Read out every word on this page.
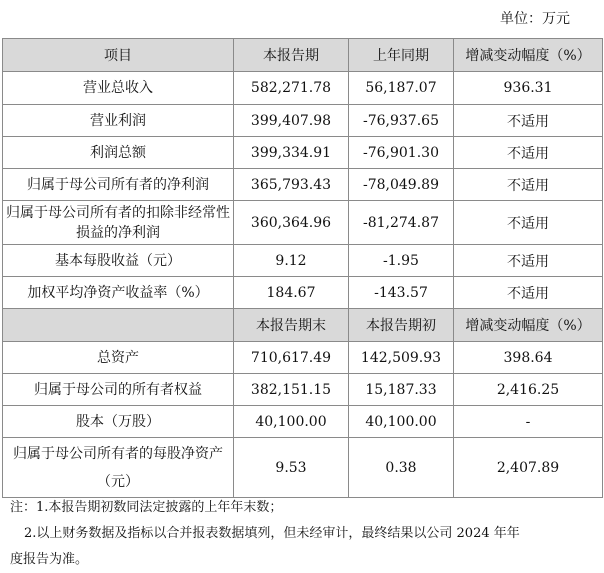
单位：万元
项目	本报告期	上年同期	增减变动幅度（%）
营业总收入	582,271.78	56,187.07	936.31
营业利润	399,407.98	-76,937.65	不适用
利润总额	399,334.91	-76,901.30	不适用
归属于母公司所有者的净利润	365,793.43	-78,049.89	不适用
归属于母公司所有者的扣除非经常性损益的净利润	360,364.96	-81,274.87	不适用
基本每股收益（元）	9.12	-1.95	不适用
加权平均净资产收益率（%）	184.67	-143.57	不适用
	本报告期末	本报告期初	增减变动幅度（%）
总资产	710,617.49	142,509.93	398.64
归属于母公司的所有者权益	382,151.15	15,187.33	2,416.25
股本（万股）	40,100.00	40,100.00	-
归属于母公司所有者的每股净资产（元）	9.53	0.38	2,407.89
注：1.本报告期初数同法定披露的上年年末数；
2.以上财务数据及指标以合并报表数据填列，但未经审计，最终结果以公司 2024 年年
度报告为准。
